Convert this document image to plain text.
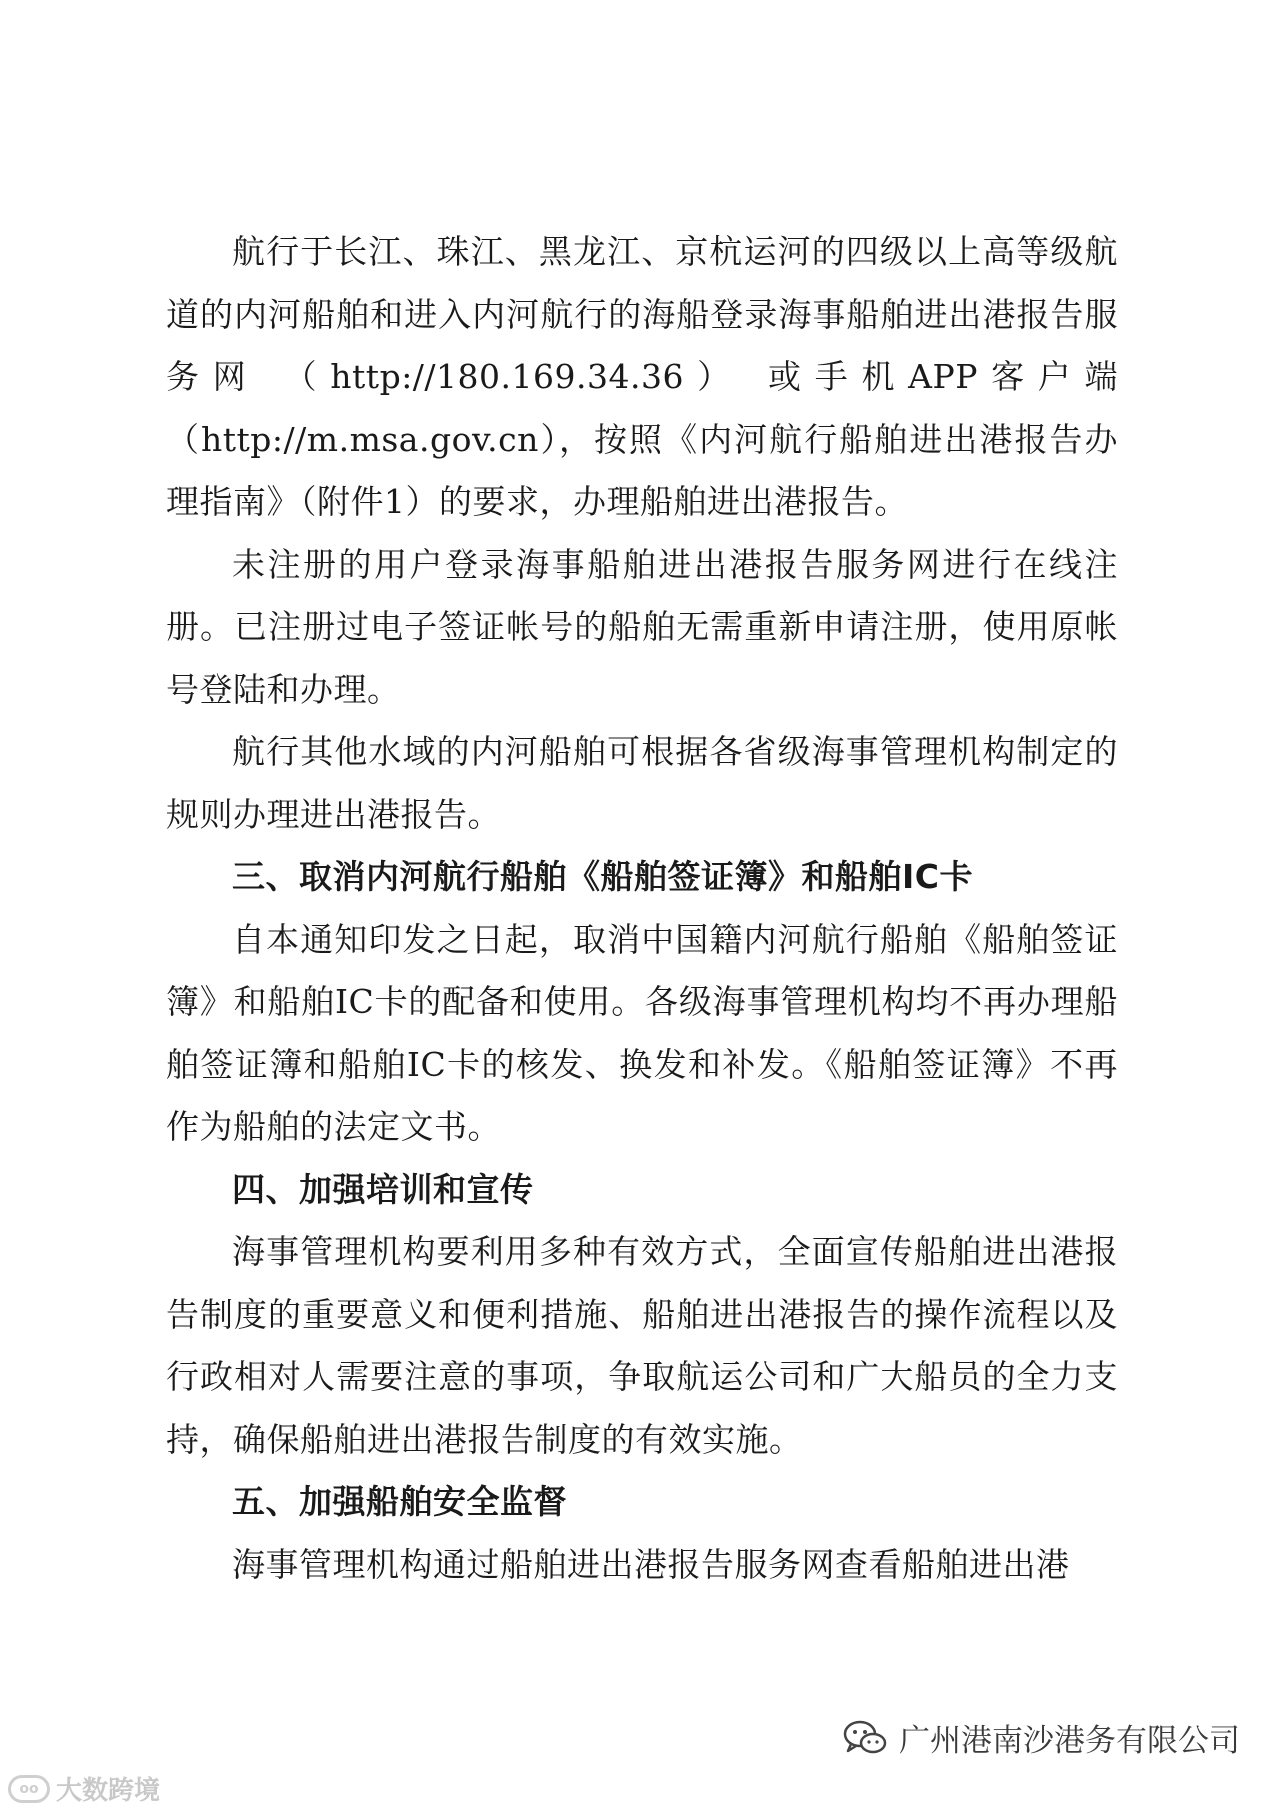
航行于长江、珠江、黑龙江、京杭运河的四级以上高等级航道的内河船舶和进入内河航行的海船登录海事船舶进出港报告服务网 （http://180.169.34.36） 或手机APP客户端（http://m.msa.gov.cn），按照《内河航行船舶进出港报告办理指南》（附件1）的要求，办理船舶进出港报告。

未注册的用户登录海事船舶进出港报告服务网进行在线注册。已注册过电子签证帐号的船舶无需重新申请注册，使用原帐号登陆和办理。

航行其他水域的内河船舶可根据各省级海事管理机构制定的规则办理进出港报告。

三、取消内河航行船舶《船舶签证簿》和船舶IC卡

自本通知印发之日起，取消中国籍内河航行船舶《船舶签证簿》和船舶IC卡的配备和使用。各级海事管理机构均不再办理船舶签证簿和船舶IC卡的核发、换发和补发。《船舶签证簿》不再作为船舶的法定文书。

四、加强培训和宣传

海事管理机构要利用多种有效方式，全面宣传船舶进出港报告制度的重要意义和便利措施、船舶进出港报告的操作流程以及行政相对人需要注意的事项，争取航运公司和广大船员的全力支持，确保船舶进出港报告制度的有效实施。

五、加强船舶安全监督

海事管理机构通过船舶进出港报告服务网查看船舶进出港

广州港南沙港务有限公司
oo 大数跨境
